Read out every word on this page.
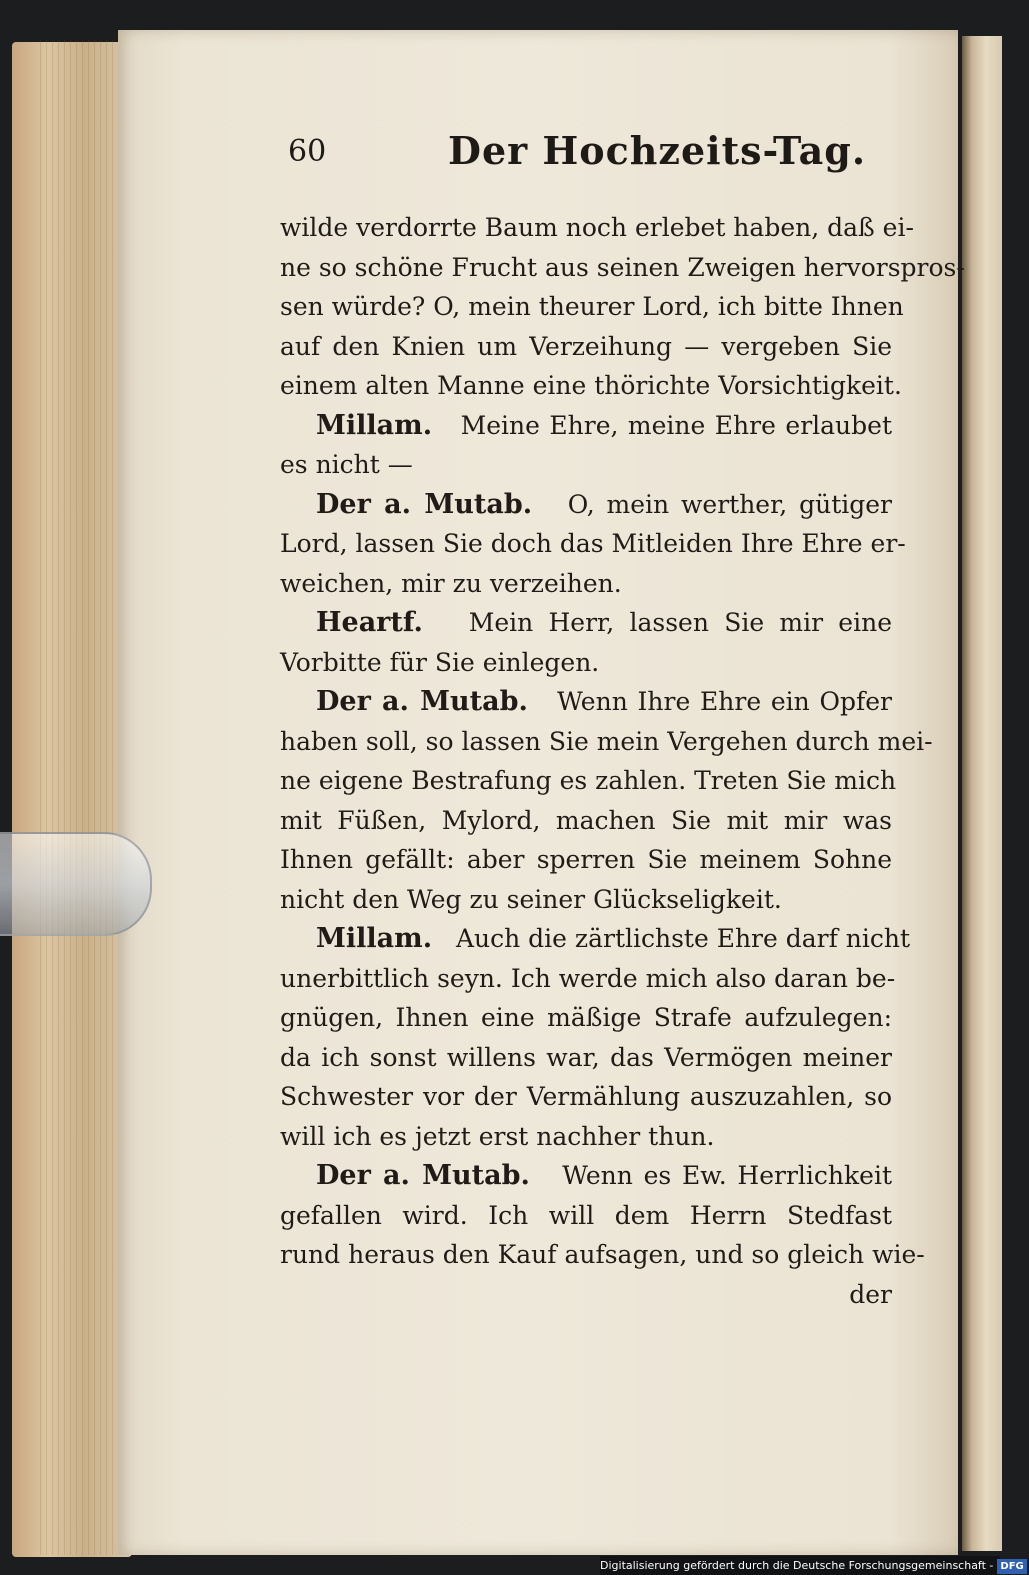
60	Der Hochzeits-Tag.
wilde verdorrte Baum noch erlebet haben, daß ei-
ne so schöne Frucht aus seinen Zweigen hervorspros-
sen würde? O, mein theurer Lord, ich bitte Ihnen
auf den Knien um Verzeihung — vergeben Sie
einem alten Manne eine thörichte Vorsichtigkeit.
Millam. Meine Ehre, meine Ehre erlaubet
es nicht —
Der a. Mutab. O, mein werther, gütiger
Lord, lassen Sie doch das Mitleiden Ihre Ehre er-
weichen, mir zu verzeihen.
Heartf. Mein Herr, lassen Sie mir eine
Vorbitte für Sie einlegen.
Der a. Mutab. Wenn Ihre Ehre ein Opfer
haben soll, so lassen Sie mein Vergehen durch mei-
ne eigene Bestrafung es zahlen. Treten Sie mich
mit Füßen, Mylord, machen Sie mit mir was
Ihnen gefällt: aber sperren Sie meinem Sohne
nicht den Weg zu seiner Glückseligkeit.
Millam. Auch die zärtlichste Ehre darf nicht
unerbittlich seyn. Ich werde mich also daran be-
gnügen, Ihnen eine mäßige Strafe aufzulegen:
da ich sonst willens war, das Vermögen meiner
Schwester vor der Vermählung auszuzahlen, so
will ich es jetzt erst nachher thun.
Der a. Mutab. Wenn es Ew. Herrlichkeit
gefallen wird. Ich will dem Herrn Stedfast
rund heraus den Kauf aufsagen, und so gleich wie-
der
Digitalisierung gefördert durch die Deutsche Forschungsgemeinschaft - DFG
